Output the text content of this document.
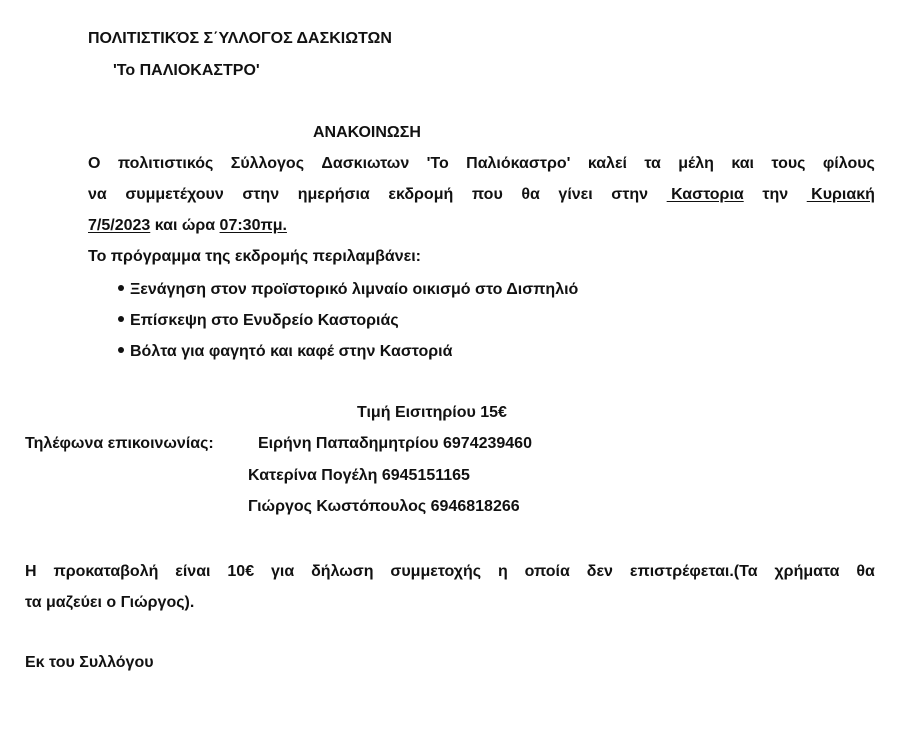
ΠΟΛΙΤΙΣΤΙΚΌΣ Σ΄ΥΛΛΟΓΟΣ ΔΑΣΚΙΩΤΩΝ
'Το ΠΑΛΙΟΚΑΣΤΡΟ'
ΑΝΑΚΟΙΝΩΣΗ
Ο πολιτιστικός Σύλλογος Δασκιωτων 'Το Παλιόκαστρο' καλεί τα μέλη και τους φίλους
να συμμετέχουν στην ημερήσια εκδρομή που θα γίνει στην Καστορια την Κυριακή
7/5/2023 και ώρα 07:30πμ.
Το πρόγραμμα της εκδρομής περιλαμβάνει:
Ξενάγηση στον προϊστορικό λιμναίο οικισμό στο Δισπηλιό
Επίσκεψη στο Ενυδρείο Καστοριάς
Βόλτα για φαγητό και καφέ στην Καστοριά
Τιμή Εισιτηρίου 15€
Τηλέφωνα επικοινωνίας:	Ειρήνη Παπαδημητρίου 6974239460
Κατερίνα Πογέλη 6945151165
Γιώργος Κωστόπουλος 6946818266
Η προκαταβολή είναι 10€ για δήλωση συμμετοχής η οποία δεν επιστρέφεται.(Τα χρήματα θα
τα μαζεύει ο Γιώργος).
Εκ του Συλλόγου
